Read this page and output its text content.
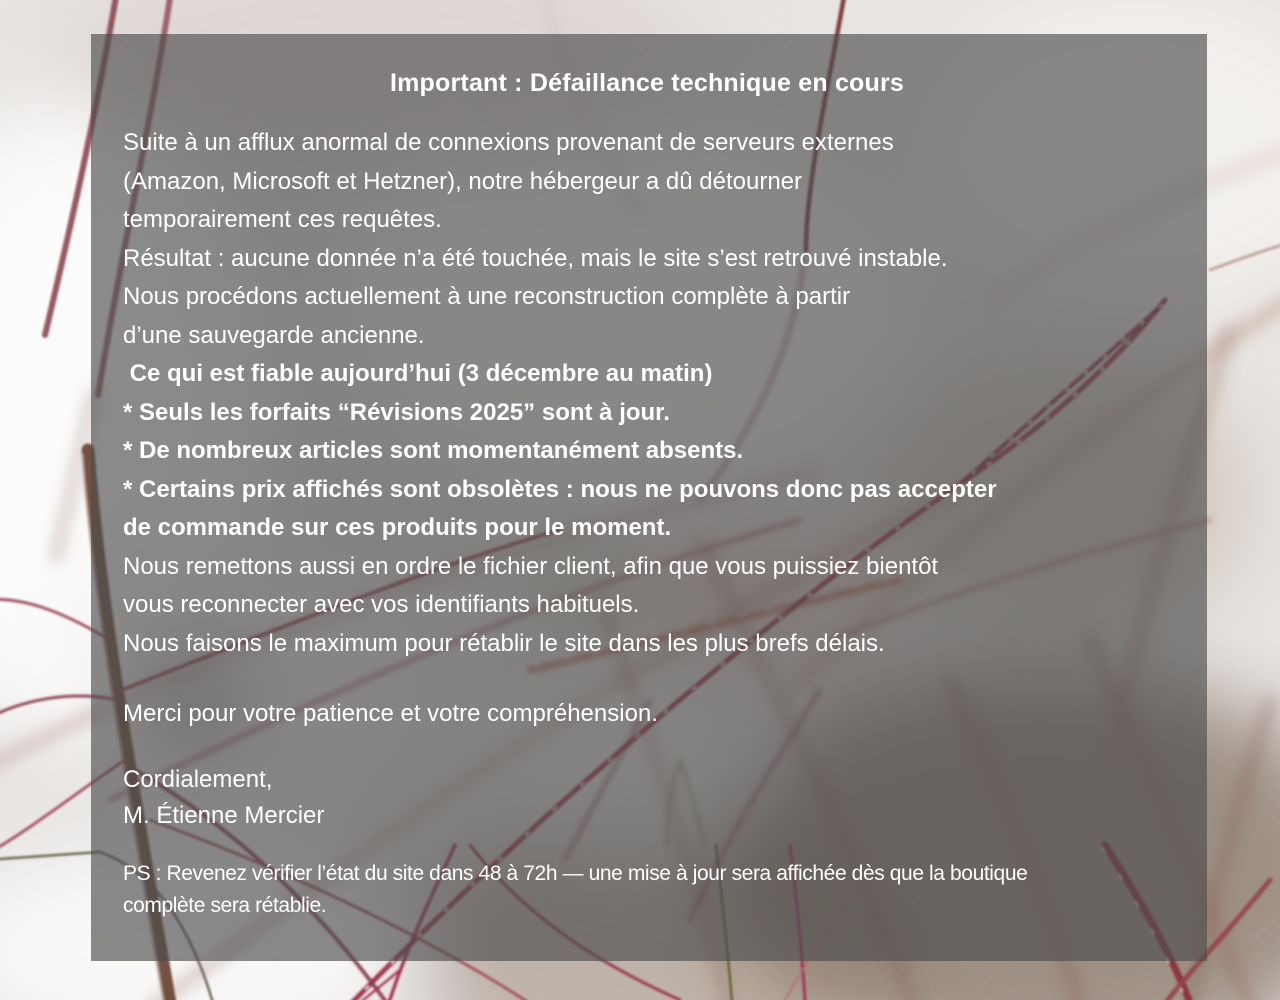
Important : Défaillance technique en cours

Suite à un afflux anormal de connexions provenant de serveurs externes

(Amazon, Microsoft et Hetzner), notre hébergeur a dû détourner

temporairement ces requêtes.

Résultat : aucune donnée n’a été touchée, mais le site s’est retrouvé instable.

Nous procédons actuellement à une reconstruction complète à partir

d’une sauvegarde ancienne.

Ce qui est fiable aujourd’hui (3 décembre au matin)

* Seuls les forfaits “Révisions 2025” sont à jour.

* De nombreux articles sont momentanément absents.

* Certains prix affichés sont obsolètes : nous ne pouvons donc pas accepter

de commande sur ces produits pour le moment.

Nous remettons aussi en ordre le fichier client, afin que vous puissiez bientôt

vous reconnecter avec vos identifiants habituels.

Nous faisons le maximum pour rétablir le site dans les plus brefs délais.

Merci pour votre patience et votre compréhension.

Cordialement,

M. Étienne Mercier

PS : Revenez vérifier l’état du site dans 48 à 72h — une mise à jour sera affichée dès que la boutique

complète sera rétablie.
